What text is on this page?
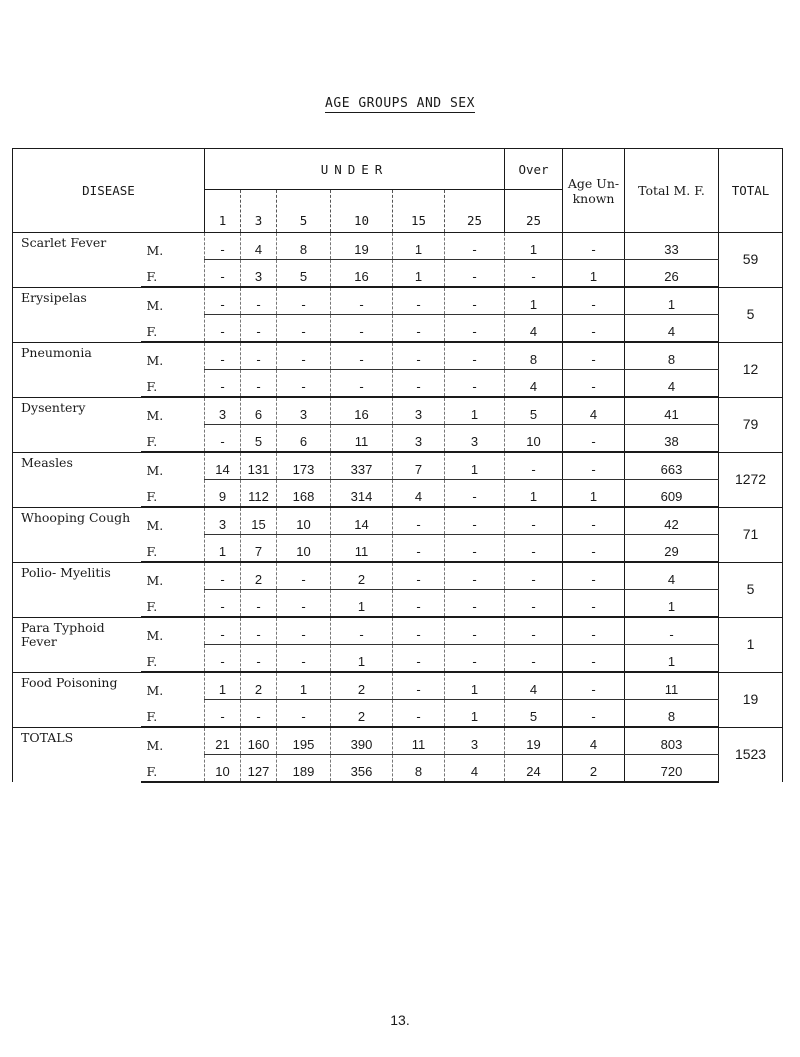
AGE GROUPS AND SEX
DISEASE		UNDER						Over	Age Un- known	Total M. F.	TOTAL
		1	3	5	10	15	25	25			
Scarlet Fever	M.	-	4	8	19	1	-	1	-	33	59
	F.	-	3	5	16	1	-	-	1	26	
Erysipelas	M.	-	-	-	-	-	-	1	-	1	5
	F.	-	-	-	-	-	-	4	-	4	
Pneumonia	M.	-	-	-	-	-	-	8	-	8	12
	F.	-	-	-	-	-	-	4	-	4	
Dysentery	M.	3	6	3	16	3	1	5	4	41	79
	F.	-	5	6	11	3	3	10	-	38	
Measles	M.	14	131	173	337	7	1	-	-	663	1272
	F.	9	112	168	314	4	-	1	1	609	
Whooping Cough	M.	3	15	10	14	-	-	-	-	42	71
	F.	1	7	10	11	-	-	-	-	29	
Polio- Myelitis	M.	-	2	-	2	-	-	-	-	4	5
	F.	-	-	-	1	-	-	-	-	1	
Para Typhoid Fever	M.	-	-	-	-	-	-	-	-	-	1
	F.	-	-	-	1	-	-	-	-	1	
Food Poisoning	M.	1	2	1	2	-	1	4	-	11	19
	F.	-	-	-	2	-	1	5	-	8	
TOTALS	M.	21	160	195	390	11	3	19	4	803	1523
	F.	10	127	189	356	8	4	24	2	720	
13.
